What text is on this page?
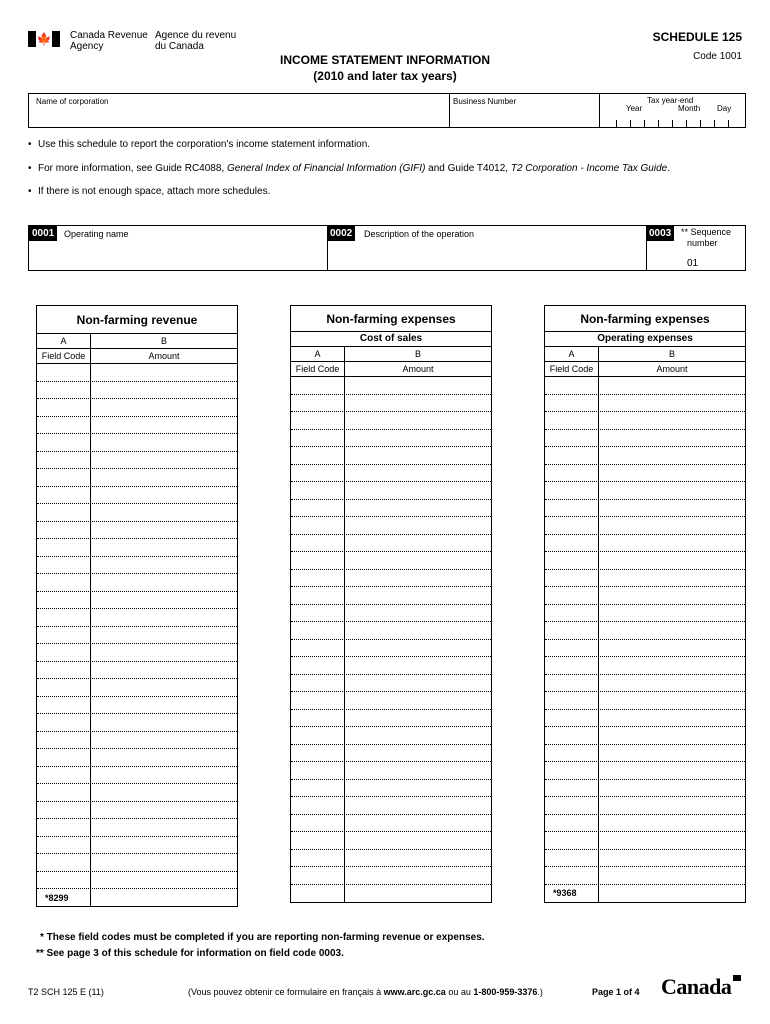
🍁 Canada Revenue
Agency
Agence du revenu
du Canada
SCHEDULE 125
Code 1001
INCOME STATEMENT INFORMATION
(2010 and later tax years)
Name of corporation	Business Number	Tax year-end
Year	Month Day
• Use this schedule to report the corporation's income statement information.
• For more information, see Guide RC4088, General Index of Financial Information (GIFI) and Guide T4012, T2 Corporation - Income Tax Guide.
• If there is not enough space, attach more schedules.
0001	Operating name	0002	Description of the operation	0003	** Sequence
number
01
Non-farming revenue
A	B
Field Code	Amount
*8299
Non-farming expenses
Cost of sales
A	B
Field Code	Amount
Non-farming expenses
Operating expenses
A	B
Field Code	Amount
*9368
* These field codes must be completed if you are reporting non-farming revenue or expenses.
** See page 3 of this schedule for information on field code 0003.
T2 SCH 125 E (11)	(Vous pouvez obtenir ce formulaire en français à www.arc.gc.ca ou au 1-800-959-3376.)	Page 1 of 4 Canada
